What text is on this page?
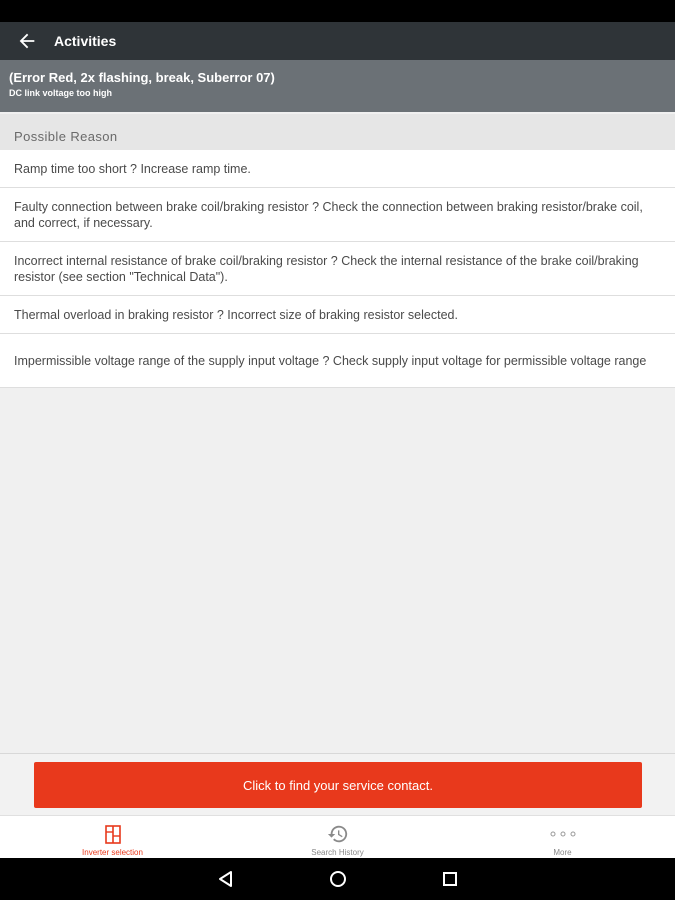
Activities
(Error Red, 2x flashing, break, Suberror 07)
DC link voltage too high
Possible Reason
Ramp time too short ? Increase ramp time.
Faulty connection between brake coil/braking resistor ? Check the connection between braking resistor/brake coil, and correct, if necessary.
Incorrect internal resistance of brake coil/braking resistor ? Check the internal resistance of the brake coil/braking resistor (see section "Technical Data").
Thermal overload in braking resistor ? Incorrect size of braking resistor selected.
Impermissible voltage range of the supply input voltage ? Check supply input voltage for permissible voltage range
Click to find your service contact.
Inverter selection	Search History	More
